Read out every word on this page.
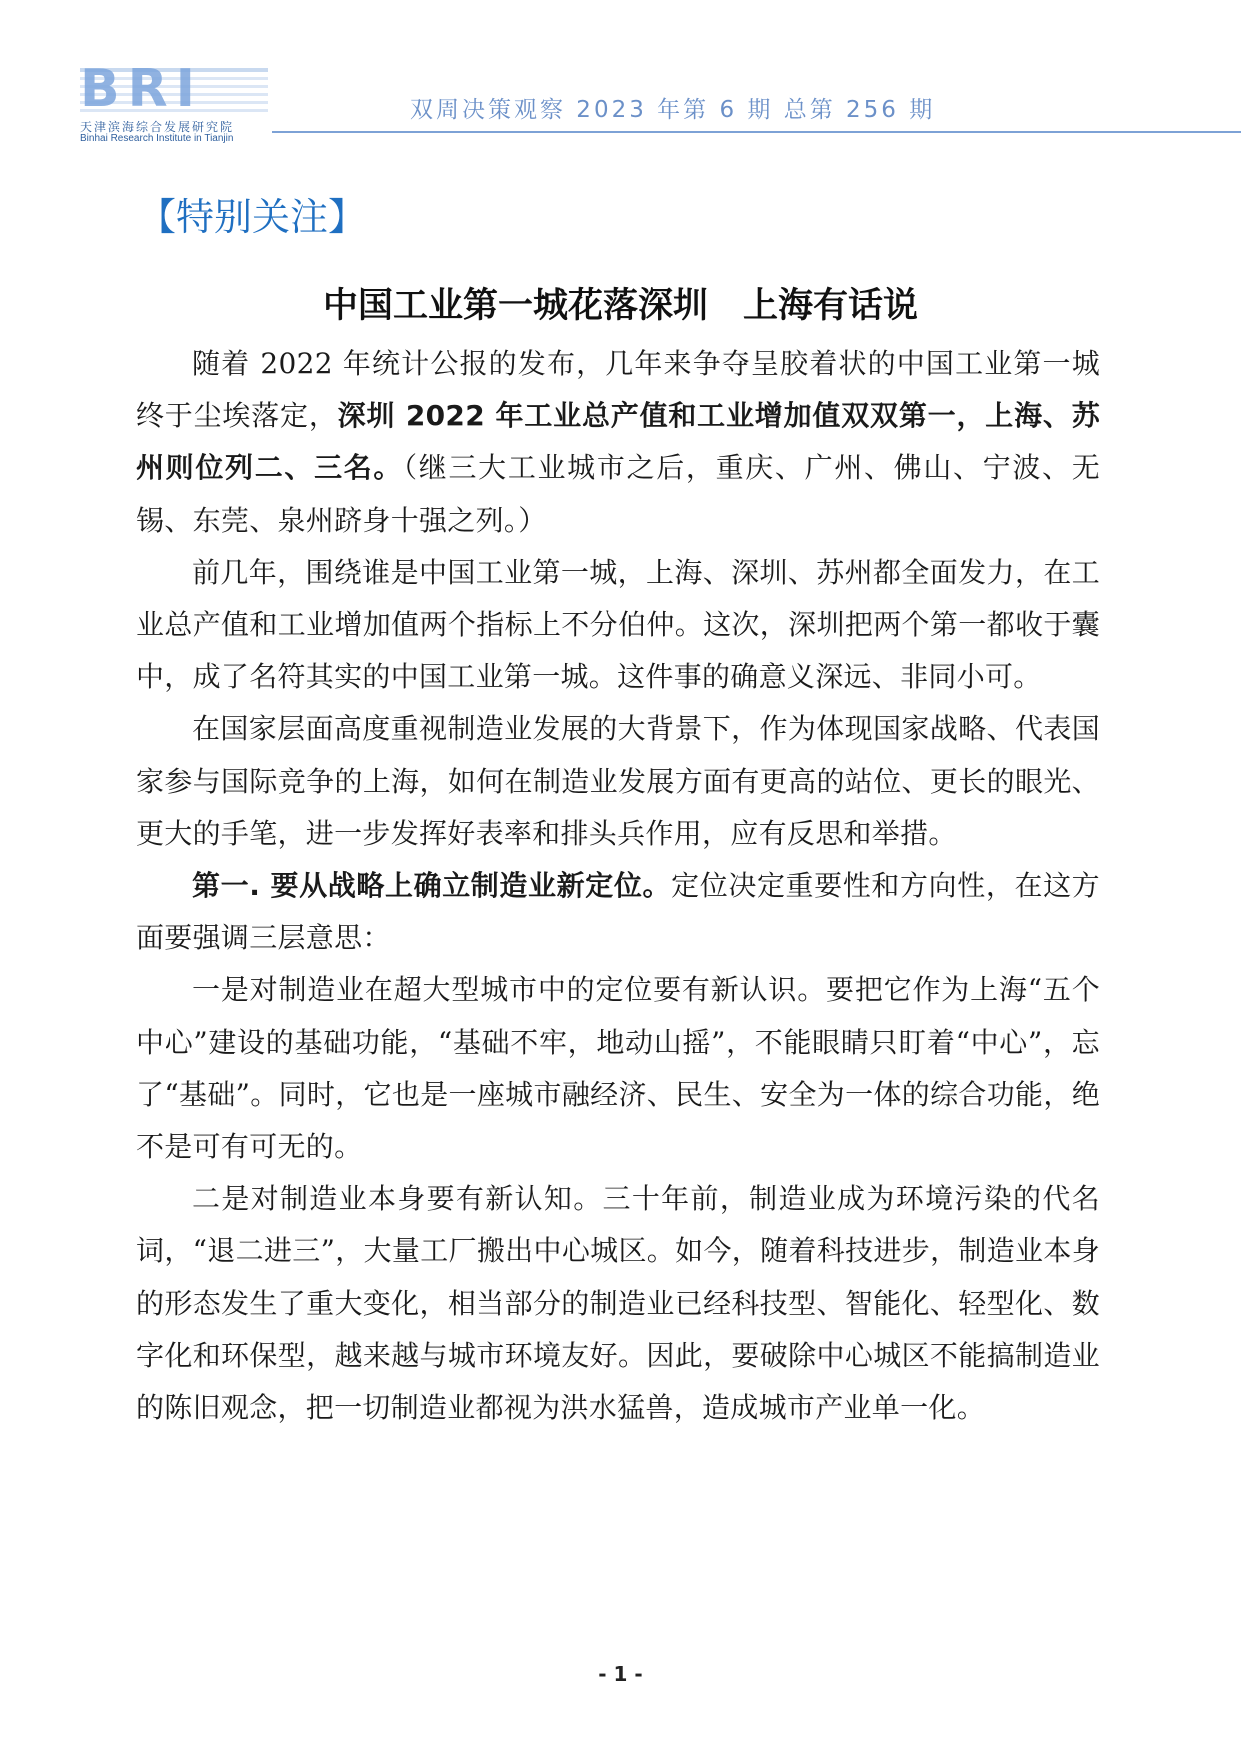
BRI
天津滨海综合发展研究院
Binhai Research Institute in Tianjin
双周决策观察 2023 年第 6 期 总第 256 期
【特别关注】
中国工业第一城花落深圳　上海有话说

随着 2022 年统计公报的发布，几年来争夺呈胶着状的中国工业第一城终于尘埃落定，深圳 2022 年工业总产值和工业增加值双双第一，上海、苏州则位列二、三名。（继三大工业城市之后，重庆、广州、佛山、宁波、无锡、东莞、泉州跻身十强之列。）

前几年，围绕谁是中国工业第一城，上海、深圳、苏州都全面发力，在工业总产值和工业增加值两个指标上不分伯仲。这次，深圳把两个第一都收于囊中，成了名符其实的中国工业第一城。这件事的确意义深远、非同小可。

在国家层面高度重视制造业发展的大背景下，作为体现国家战略、代表国家参与国际竞争的上海，如何在制造业发展方面有更高的站位、更长的眼光、更大的手笔，进一步发挥好表率和排头兵作用，应有反思和举措。

第一. 要从战略上确立制造业新定位。定位决定重要性和方向性，在这方面要强调三层意思：

一是对制造业在超大型城市中的定位要有新认识。要把它作为上海“五个中心”建设的基础功能，“基础不牢，地动山摇”，不能眼睛只盯着“中心”，忘了“基础”。同时，它也是一座城市融经济、民生、安全为一体的综合功能，绝不是可有可无的。

二是对制造业本身要有新认知。三十年前，制造业成为环境污染的代名词，“退二进三”，大量工厂搬出中心城区。如今，随着科技进步，制造业本身的形态发生了重大变化，相当部分的制造业已经科技型、智能化、轻型化、数字化和环保型，越来越与城市环境友好。因此，要破除中心城区不能搞制造业的陈旧观念，把一切制造业都视为洪水猛兽，造成城市产业单一化。

- 1 -
